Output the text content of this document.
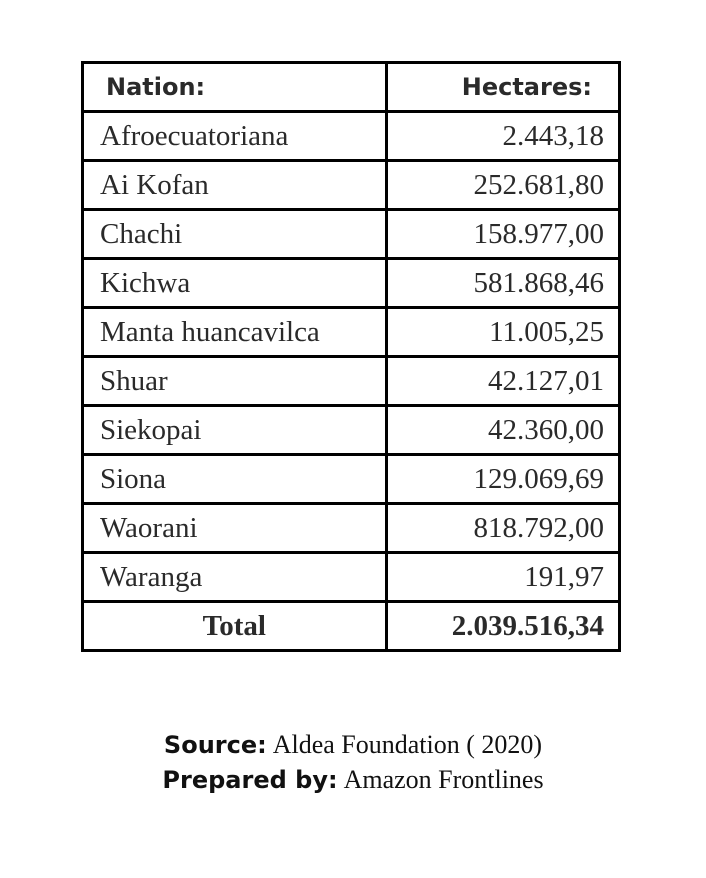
Nation:	Hectares:
Afroecuatoriana	2.443,18
Ai Kofan	252.681,80
Chachi	158.977,00
Kichwa	581.868,46
Manta huancavilca	11.005,25
Shuar	42.127,01
Siekopai	42.360,00
Siona	129.069,69
Waorani	818.792,00
Waranga	191,97
Total	2.039.516,34
Source: Aldea Foundation ( 2020)
Prepared by: Amazon Frontlines
